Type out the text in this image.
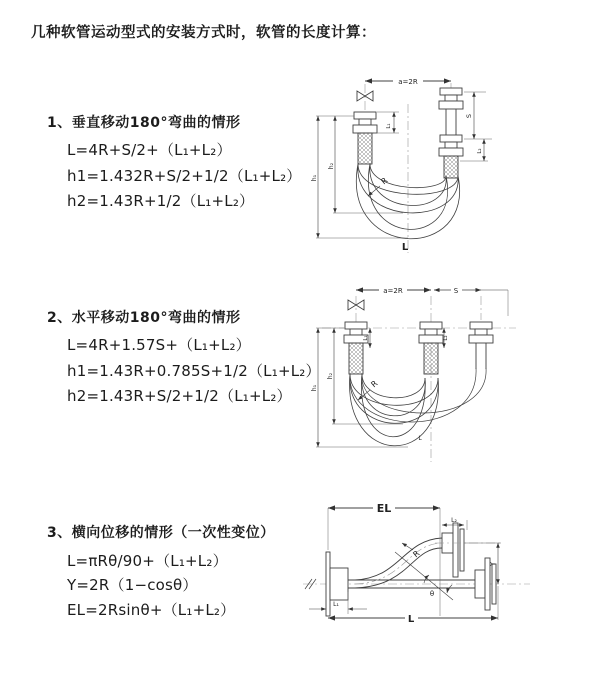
几种软管运动型式的安装方式时，软管的长度计算：
1、垂直移动180°弯曲的情形
L=4R+S/2+（L₁+L₂）
h1=1.432R+S/2+1/2（L₁+L₂）
h2=1.43R+1/2（L₁+L₂）
2、水平移动180°弯曲的情形
L=4R+1.57S+（L₁+L₂）
h1=1.43R+0.785S+1/2（L₁+L₂）
h2=1.43R+S/2+1/2（L₁+L₂）
3、横向位移的情形（一次性变位）
L=πRθ/90+（L₁+L₂）
Y=2R（1−cosθ）
EL=2Rsinθ+（L₁+L₂）
a=2R
L₁
S
L₂
h₁
h₂
R
L
a=2R	S
L₁	L₂
h₁
h₂
R
L
EL
L₂
Y
R
θ
L₁
L
